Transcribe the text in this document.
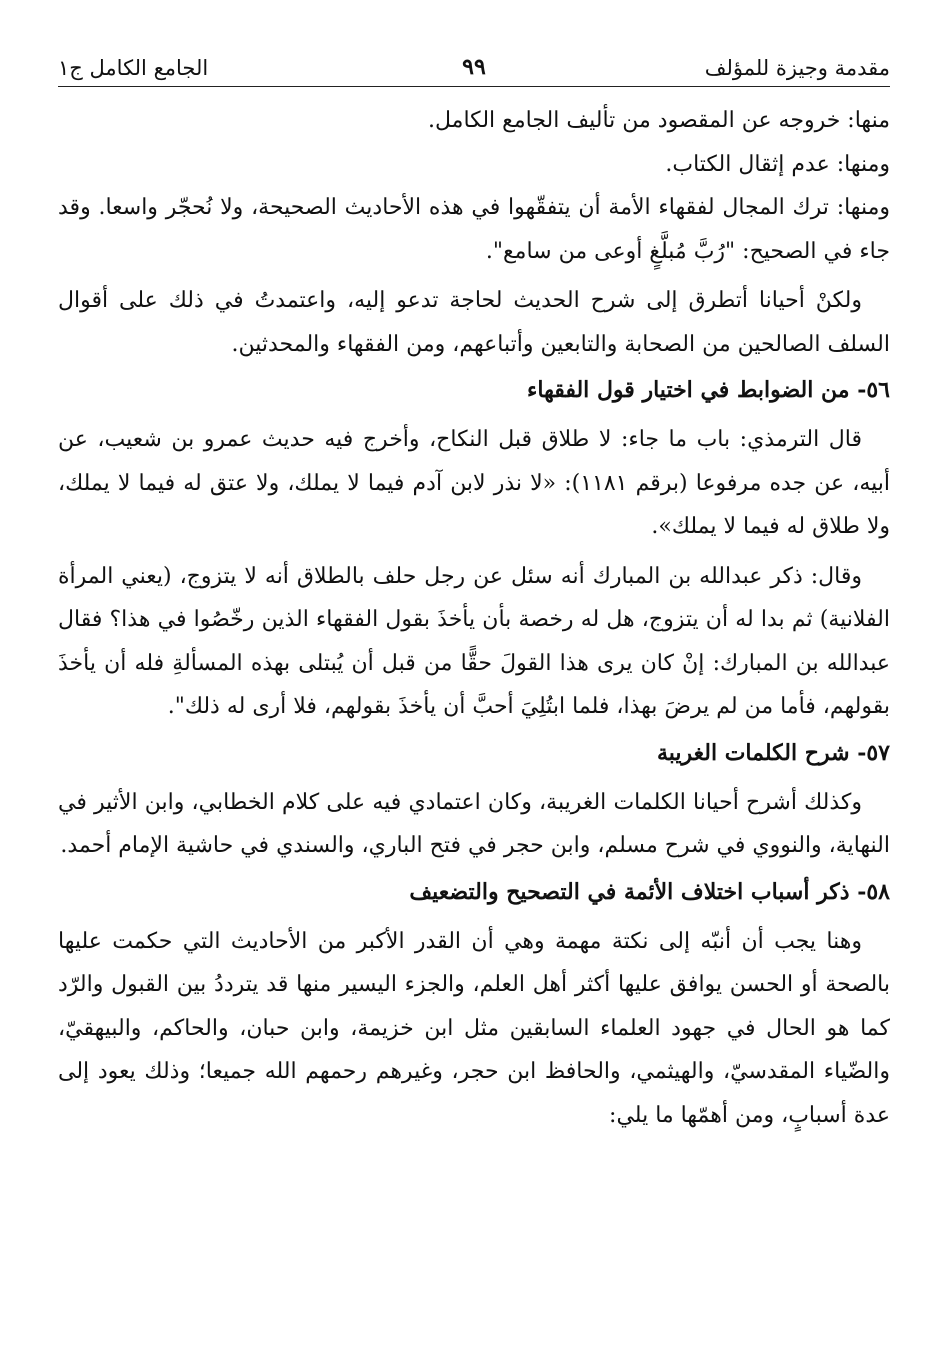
مقدمة وجيزة للمؤلف
٩٩
الجامع الكامل ج١

منها: خروجه عن المقصود من تأليف الجامع الكامل.

ومنها: عدم إثقال الكتاب.

ومنها: ترك المجال لفقهاء الأمة أن يتفقّهوا في هذه الأحاديث الصحيحة، ولا نُحجّر واسعا. وقد جاء في الصحيح: "رُبَّ مُبلَّغٍ أوعى من سامع".

ولكنْ أحيانا أتطرق إلى شرح الحديث لحاجة تدعو إليه، واعتمدتُ في ذلك على أقوال السلف الصالحين من الصحابة والتابعين وأتباعهم، ومن الفقهاء والمحدثين.

٥٦- من الضوابط في اختيار قول الفقهاء

قال الترمذي: باب ما جاء: لا طلاق قبل النكاح، وأخرج فيه حديث عمرو بن شعيب، عن أبيه، عن جده مرفوعا (برقم ١١٨١): «لا نذر لابن آدم فيما لا يملك، ولا عتق له فيما لا يملك، ولا طلاق له فيما لا يملك».

وقال: ذكر عبدالله بن المبارك أنه سئل عن رجل حلف بالطلاق أنه لا يتزوج، (يعني المرأة الفلانية) ثم بدا له أن يتزوج، هل له رخصة بأن يأخذَ بقول الفقهاء الذين رخّصُوا في هذا؟ فقال عبدالله بن المبارك: إنْ كان يرى هذا القولَ حقًّا من قبل أن يُبتلى بهذه المسألةِ فله أن يأخذَ بقولهم، فأما من لم يرضَ بهذا، فلما ابتُلِيَ أحبَّ أن يأخذَ بقولهم، فلا أرى له ذلك".

٥٧- شرح الكلمات الغريبة

وكذلك أشرح أحيانا الكلمات الغريبة، وكان اعتمادي فيه على كلام الخطابي، وابن الأثير في النهاية، والنووي في شرح مسلم، وابن حجر في فتح الباري، والسندي في حاشية الإمام أحمد.

٥٨- ذكر أسباب اختلاف الأئمة في التصحيح والتضعيف

وهنا يجب أن أنبّه إلى نكتة مهمة وهي أن القدر الأكبر من الأحاديث التي حكمت عليها بالصحة أو الحسن يوافق عليها أكثر أهل العلم، والجزء اليسير منها قد يترددُ بين القبول والرّد كما هو الحال في جهود العلماء السابقين مثل ابن خزيمة، وابن حبان، والحاكم، والبيهقيّ، والضّياء المقدسيّ، والهيثمي، والحافظ ابن حجر، وغيرهم رحمهم الله جميعا؛ وذلك يعود إلى عدة أسبابٍ، ومن أهمّها ما يلي:
